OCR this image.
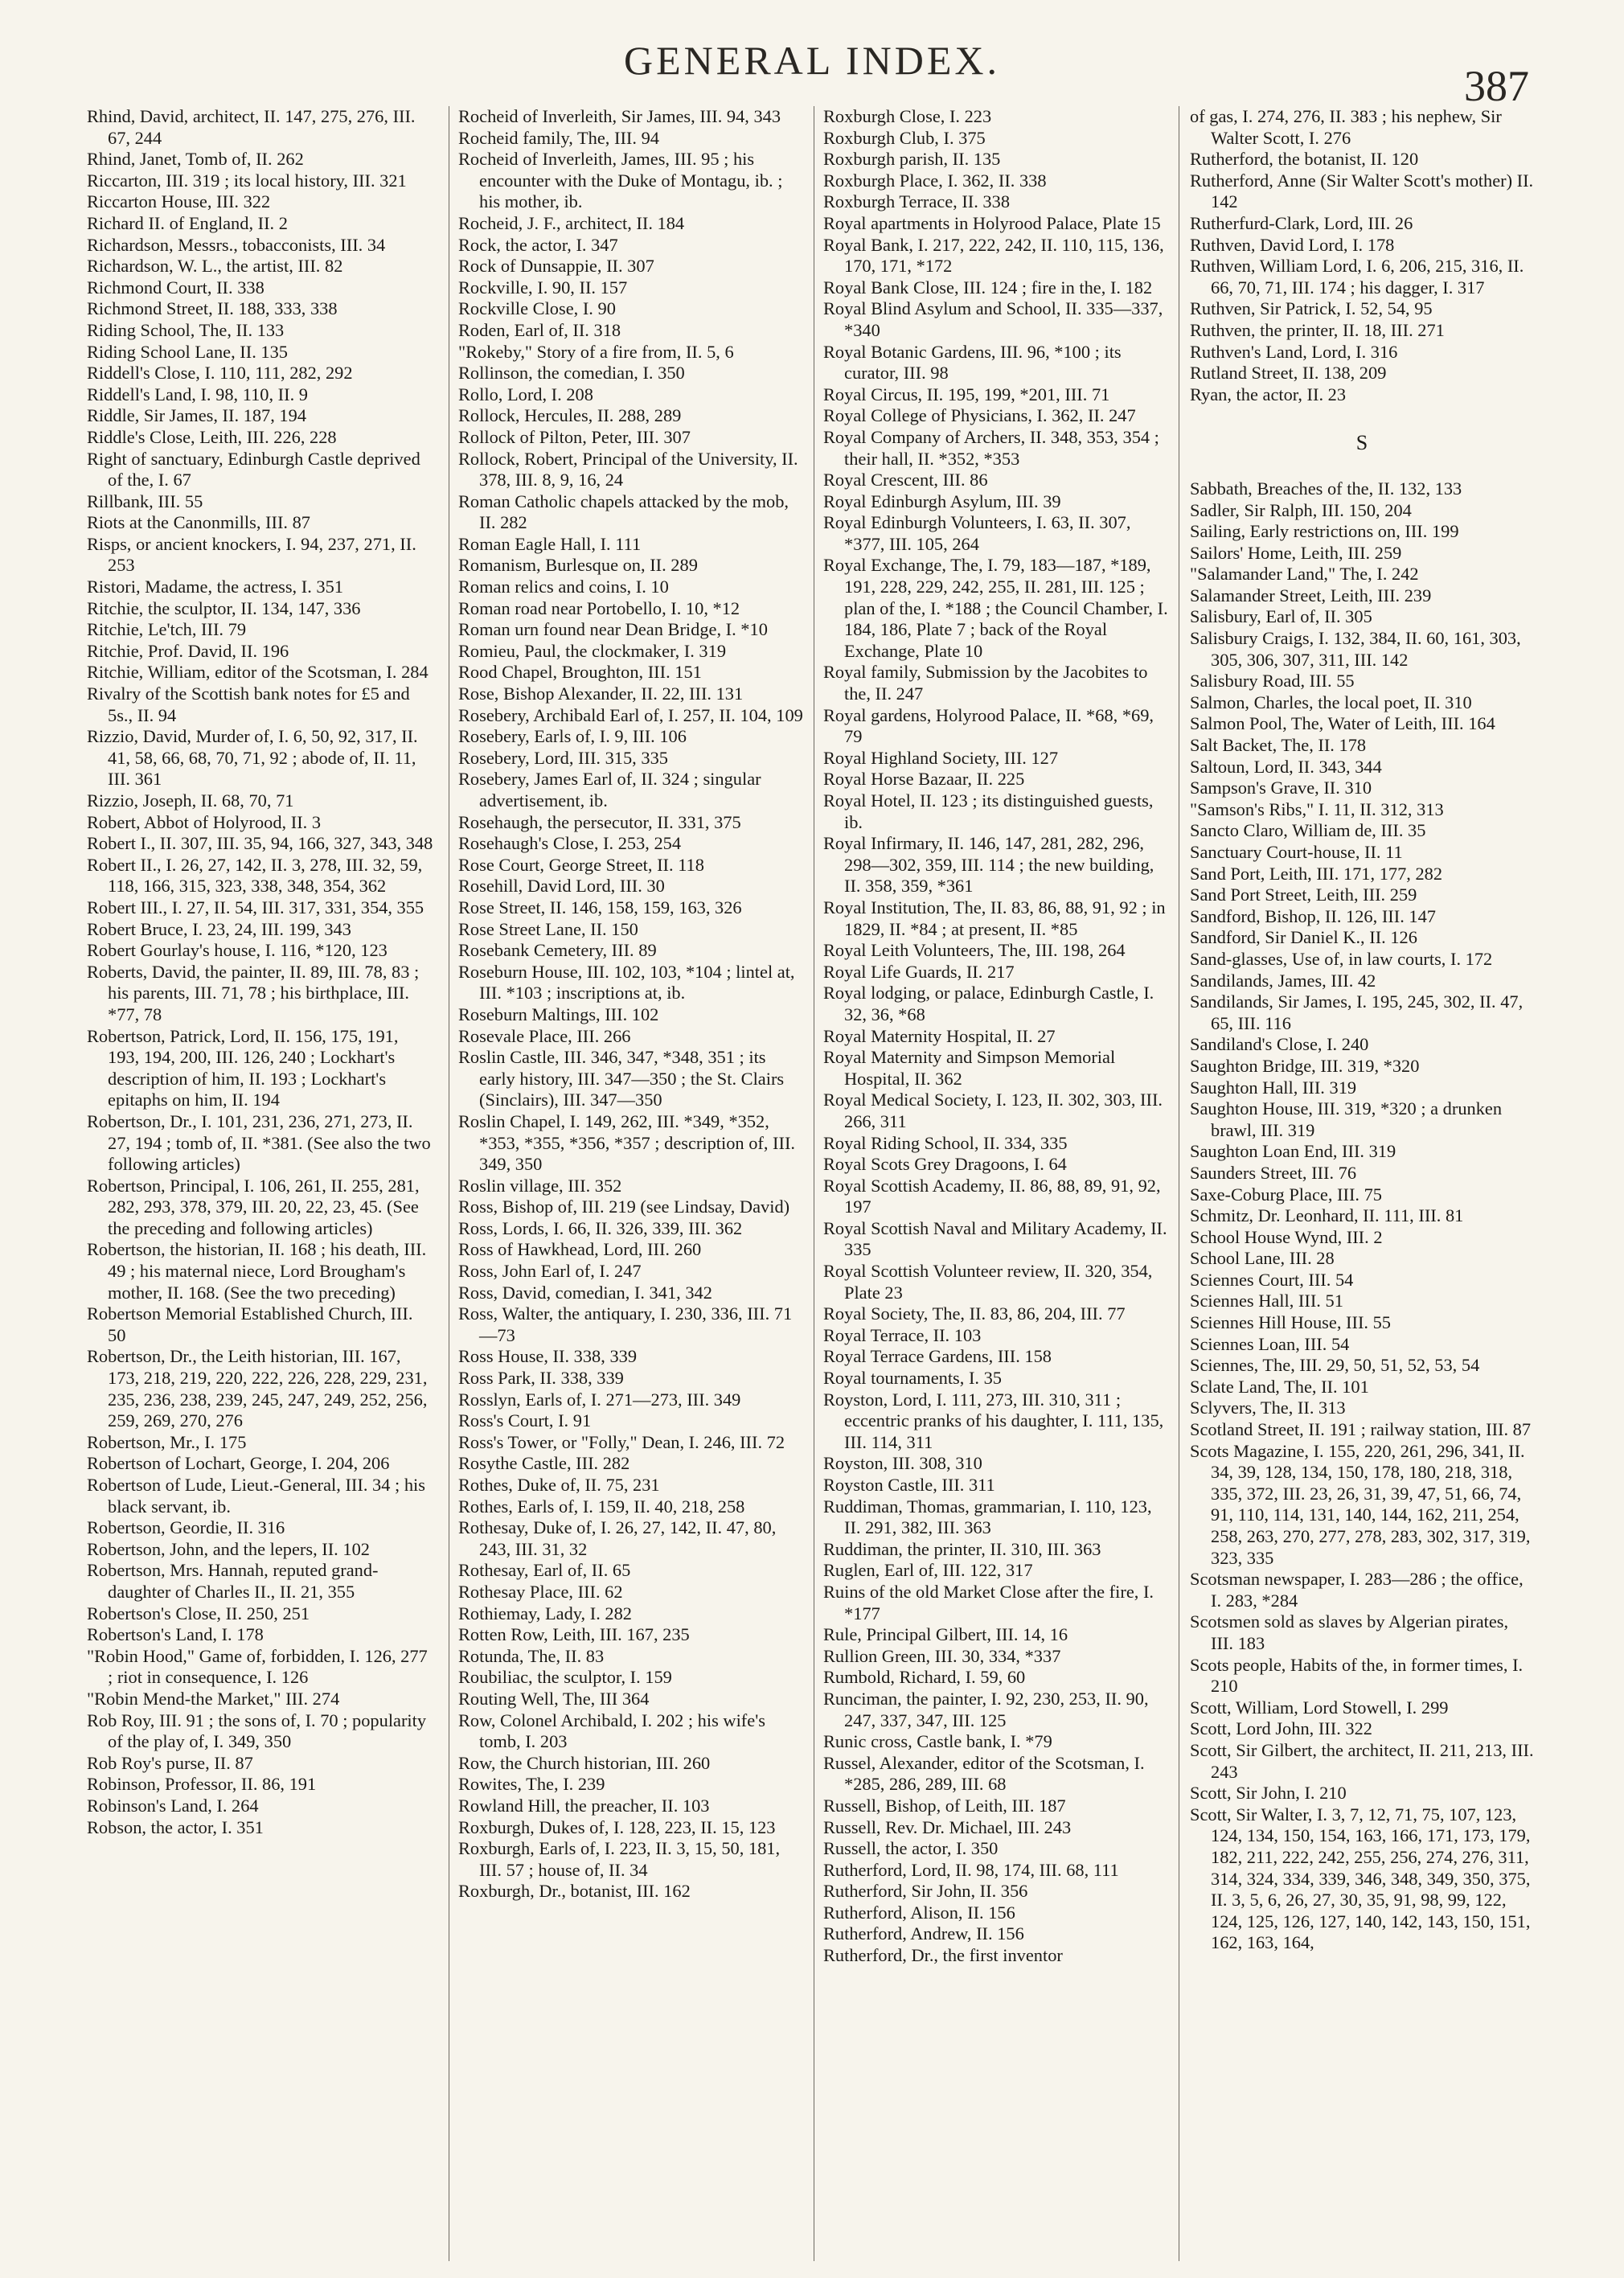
GENERAL INDEX.
387

Rhind, David, architect, II. 147, 275, 276, III. 67, 244

Rhind, Janet, Tomb of, II. 262

Riccarton, III. 319 ; its local history, III. 321

Riccarton House, III. 322

Richard II. of England, II. 2

Richardson, Messrs., tobacconists, III. 34

Richardson, W. L., the artist, III. 82

Richmond Court, II. 338

Richmond Street, II. 188, 333, 338

Riding School, The, II. 133

Riding School Lane, II. 135

Riddell's Close, I. 110, 111, 282, 292

Riddell's Land, I. 98, 110, II. 9

Riddle, Sir James, II. 187, 194

Riddle's Close, Leith, III. 226, 228

Right of sanctuary, Edinburgh Castle deprived of the, I. 67

Rillbank, III. 55

Riots at the Canonmills, III. 87

Risps, or ancient knockers, I. 94, 237, 271, II. 253

Ristori, Madame, the actress, I. 351

Ritchie, the sculptor, II. 134, 147, 336

Ritchie, Le'tch, III. 79

Ritchie, Prof. David, II. 196

Ritchie, William, editor of the Scotsman, I. 284

Rivalry of the Scottish bank notes for £5 and 5s., II. 94

Rizzio, David, Murder of, I. 6, 50, 92, 317, II. 41, 58, 66, 68, 70, 71, 92 ; abode of, II. 11, III. 361

Rizzio, Joseph, II. 68, 70, 71

Robert, Abbot of Holyrood, II. 3

Robert I., II. 307, III. 35, 94, 166, 327, 343, 348

Robert II., I. 26, 27, 142, II. 3, 278, III. 32, 59, 118, 166, 315, 323, 338, 348, 354, 362

Robert III., I. 27, II. 54, III. 317, 331, 354, 355

Robert Bruce, I. 23, 24, III. 199, 343

Robert Gourlay's house, I. 116, *120, 123

Roberts, David, the painter, II. 89, III. 78, 83 ; his parents, III. 71, 78 ; his birthplace, III. *77, 78

Robertson, Patrick, Lord, II. 156, 175, 191, 193, 194, 200, III. 126, 240 ; Lockhart's description of him, II. 193 ; Lockhart's epitaphs on him, II. 194

Robertson, Dr., I. 101, 231, 236, 271, 273, II. 27, 194 ; tomb of, II. *381. (See also the two following articles)

Robertson, Principal, I. 106, 261, II. 255, 281, 282, 293, 378, 379, III. 20, 22, 23, 45. (See the preceding and following articles)

Robertson, the historian, II. 168 ; his death, III. 49 ; his maternal niece, Lord Brougham's mother, II. 168. (See the two preceding)

Robertson Memorial Established Church, III. 50

Robertson, Dr., the Leith historian, III. 167, 173, 218, 219, 220, 222, 226, 228, 229, 231, 235, 236, 238, 239, 245, 247, 249, 252, 256, 259, 269, 270, 276

Robertson, Mr., I. 175

Robertson of Lochart, George, I. 204, 206

Robertson of Lude, Lieut.-General, III. 34 ; his black servant, ib.

Robertson, Geordie, II. 316

Robertson, John, and the lepers, II. 102

Robertson, Mrs. Hannah, reputed grand-daughter of Charles II., II. 21, 355

Robertson's Close, II. 250, 251

Robertson's Land, I. 178

"Robin Hood," Game of, forbidden, I. 126, 277 ; riot in consequence, I. 126

"Robin Mend-the Market," III. 274

Rob Roy, III. 91 ; the sons of, I. 70 ; popularity of the play of, I. 349, 350

Rob Roy's purse, II. 87

Robinson, Professor, II. 86, 191

Robinson's Land, I. 264

Robson, the actor, I. 351

Rocheid of Inverleith, Sir James, III. 94, 343

Rocheid family, The, III. 94

Rocheid of Inverleith, James, III. 95 ; his encounter with the Duke of Montagu, ib. ; his mother, ib.

Rocheid, J. F., architect, II. 184

Rock, the actor, I. 347

Rock of Dunsappie, II. 307

Rockville, I. 90, II. 157

Rockville Close, I. 90

Roden, Earl of, II. 318

"Rokeby," Story of a fire from, II. 5, 6

Rollinson, the comedian, I. 350

Rollo, Lord, I. 208

Rollock, Hercules, II. 288, 289

Rollock of Pilton, Peter, III. 307

Rollock, Robert, Principal of the University, II. 378, III. 8, 9, 16, 24

Roman Catholic chapels attacked by the mob, II. 282

Roman Eagle Hall, I. 111

Romanism, Burlesque on, II. 289

Roman relics and coins, I. 10

Roman road near Portobello, I. 10, *12

Roman urn found near Dean Bridge, I. *10

Romieu, Paul, the clockmaker, I. 319

Rood Chapel, Broughton, III. 151

Rose, Bishop Alexander, II. 22, III. 131

Rosebery, Archibald Earl of, I. 257, II. 104, 109

Rosebery, Earls of, I. 9, III. 106

Rosebery, Lord, III. 315, 335

Rosebery, James Earl of, II. 324 ; singular advertisement, ib.

Rosehaugh, the persecutor, II. 331, 375

Rosehaugh's Close, I. 253, 254

Rose Court, George Street, II. 118

Rosehill, David Lord, III. 30

Rose Street, II. 146, 158, 159, 163, 326

Rose Street Lane, II. 150

Rosebank Cemetery, III. 89

Roseburn House, III. 102, 103, *104 ; lintel at, III. *103 ; inscriptions at, ib.

Roseburn Maltings, III. 102

Rosevale Place, III. 266

Roslin Castle, III. 346, 347, *348, 351 ; its early history, III. 347—350 ; the St. Clairs (Sinclairs), III. 347—350

Roslin Chapel, I. 149, 262, III. *349, *352, *353, *355, *356, *357 ; description of, III. 349, 350

Roslin village, III. 352

Ross, Bishop of, III. 219 (see Lindsay, David)

Ross, Lords, I. 66, II. 326, 339, III. 362

Ross of Hawkhead, Lord, III. 260

Ross, John Earl of, I. 247

Ross, David, comedian, I. 341, 342

Ross, Walter, the antiquary, I. 230, 336, III. 71—73

Ross House, II. 338, 339

Ross Park, II. 338, 339

Rosslyn, Earls of, I. 271—273, III. 349

Ross's Court, I. 91

Ross's Tower, or "Folly," Dean, I. 246, III. 72

Rosythe Castle, III. 282

Rothes, Duke of, II. 75, 231

Rothes, Earls of, I. 159, II. 40, 218, 258

Rothesay, Duke of, I. 26, 27, 142, II. 47, 80, 243, III. 31, 32

Rothesay, Earl of, II. 65

Rothesay Place, III. 62

Rothiemay, Lady, I. 282

Rotten Row, Leith, III. 167, 235

Rotunda, The, II. 83

Roubiliac, the sculptor, I. 159

Routing Well, The, III 364

Row, Colonel Archibald, I. 202 ; his wife's tomb, I. 203

Row, the Church historian, III. 260

Rowites, The, I. 239

Rowland Hill, the preacher, II. 103

Roxburgh, Dukes of, I. 128, 223, II. 15, 123

Roxburgh, Earls of, I. 223, II. 3, 15, 50, 181, III. 57 ; house of, II. 34

Roxburgh, Dr., botanist, III. 162

Roxburgh Close, I. 223

Roxburgh Club, I. 375

Roxburgh parish, II. 135

Roxburgh Place, I. 362, II. 338

Roxburgh Terrace, II. 338

Royal apartments in Holyrood Palace, Plate 15

Royal Bank, I. 217, 222, 242, II. 110, 115, 136, 170, 171, *172

Royal Bank Close, III. 124 ; fire in the, I. 182

Royal Blind Asylum and School, II. 335—337, *340

Royal Botanic Gardens, III. 96, *100 ; its curator, III. 98

Royal Circus, II. 195, 199, *201, III. 71

Royal College of Physicians, I. 362, II. 247

Royal Company of Archers, II. 348, 353, 354 ; their hall, II. *352, *353

Royal Crescent, III. 86

Royal Edinburgh Asylum, III. 39

Royal Edinburgh Volunteers, I. 63, II. 307, *377, III. 105, 264

Royal Exchange, The, I. 79, 183—187, *189, 191, 228, 229, 242, 255, II. 281, III. 125 ; plan of the, I. *188 ; the Council Chamber, I. 184, 186, Plate 7 ; back of the Royal Exchange, Plate 10

Royal family, Submission by the Jacobites to the, II. 247

Royal gardens, Holyrood Palace, II. *68, *69, 79

Royal Highland Society, III. 127

Royal Horse Bazaar, II. 225

Royal Hotel, II. 123 ; its distinguished guests, ib.

Royal Infirmary, II. 146, 147, 281, 282, 296, 298—302, 359, III. 114 ; the new building, II. 358, 359, *361

Royal Institution, The, II. 83, 86, 88, 91, 92 ; in 1829, II. *84 ; at present, II. *85

Royal Leith Volunteers, The, III. 198, 264

Royal Life Guards, II. 217

Royal lodging, or palace, Edinburgh Castle, I. 32, 36, *68

Royal Maternity Hospital, II. 27

Royal Maternity and Simpson Memorial Hospital, II. 362

Royal Medical Society, I. 123, II. 302, 303, III. 266, 311

Royal Riding School, II. 334, 335

Royal Scots Grey Dragoons, I. 64

Royal Scottish Academy, II. 86, 88, 89, 91, 92, 197

Royal Scottish Naval and Military Academy, II. 335

Royal Scottish Volunteer review, II. 320, 354, Plate 23

Royal Society, The, II. 83, 86, 204, III. 77

Royal Terrace, II. 103

Royal Terrace Gardens, III. 158

Royal tournaments, I. 35

Royston, Lord, I. 111, 273, III. 310, 311 ; eccentric pranks of his daughter, I. 111, 135, III. 114, 311

Royston, III. 308, 310

Royston Castle, III. 311

Ruddiman, Thomas, grammarian, I. 110, 123, II. 291, 382, III. 363

Ruddiman, the printer, II. 310, III. 363

Ruglen, Earl of, III. 122, 317

Ruins of the old Market Close after the fire, I. *177

Rule, Principal Gilbert, III. 14, 16

Rullion Green, III. 30, 334, *337

Rumbold, Richard, I. 59, 60

Runciman, the painter, I. 92, 230, 253, II. 90, 247, 337, 347, III. 125

Runic cross, Castle bank, I. *79

Russel, Alexander, editor of the Scotsman, I. *285, 286, 289, III. 68

Russell, Bishop, of Leith, III. 187

Russell, Rev. Dr. Michael, III. 243

Russell, the actor, I. 350

Rutherford, Lord, II. 98, 174, III. 68, 111

Rutherford, Sir John, II. 356

Rutherford, Alison, II. 156

Rutherford, Andrew, II. 156

Rutherford, Dr., the first inventor

of gas, I. 274, 276, II. 383 ; his nephew, Sir Walter Scott, I. 276

Rutherford, the botanist, II. 120

Rutherford, Anne (Sir Walter Scott's mother) II. 142

Rutherfurd-Clark, Lord, III. 26

Ruthven, David Lord, I. 178

Ruthven, William Lord, I. 6, 206, 215, 316, II. 66, 70, 71, III. 174 ; his dagger, I. 317

Ruthven, Sir Patrick, I. 52, 54, 95

Ruthven, the printer, II. 18, III. 271

Ruthven's Land, Lord, I. 316

Rutland Street, II. 138, 209

Ryan, the actor, II. 23

S

Sabbath, Breaches of the, II. 132, 133

Sadler, Sir Ralph, III. 150, 204

Sailing, Early restrictions on, III. 199

Sailors' Home, Leith, III. 259

"Salamander Land," The, I. 242

Salamander Street, Leith, III. 239

Salisbury, Earl of, II. 305

Salisbury Craigs, I. 132, 384, II. 60, 161, 303, 305, 306, 307, 311, III. 142

Salisbury Road, III. 55

Salmon, Charles, the local poet, II. 310

Salmon Pool, The, Water of Leith, III. 164

Salt Backet, The, II. 178

Saltoun, Lord, II. 343, 344

Sampson's Grave, II. 310

"Samson's Ribs," I. 11, II. 312, 313

Sancto Claro, William de, III. 35

Sanctuary Court-house, II. 11

Sand Port, Leith, III. 171, 177, 282

Sand Port Street, Leith, III. 259

Sandford, Bishop, II. 126, III. 147

Sandford, Sir Daniel K., II. 126

Sand-glasses, Use of, in law courts, I. 172

Sandilands, James, III. 42

Sandilands, Sir James, I. 195, 245, 302, II. 47, 65, III. 116

Sandiland's Close, I. 240

Saughton Bridge, III. 319, *320

Saughton Hall, III. 319

Saughton House, III. 319, *320 ; a drunken brawl, III. 319

Saughton Loan End, III. 319

Saunders Street, III. 76

Saxe-Coburg Place, III. 75

Schmitz, Dr. Leonhard, II. 111, III. 81

School House Wynd, III. 2

School Lane, III. 28

Sciennes Court, III. 54

Sciennes Hall, III. 51

Sciennes Hill House, III. 55

Sciennes Loan, III. 54

Sciennes, The, III. 29, 50, 51, 52, 53, 54

Sclate Land, The, II. 101

Sclyvers, The, II. 313

Scotland Street, II. 191 ; railway station, III. 87

Scots Magazine, I. 155, 220, 261, 296, 341, II. 34, 39, 128, 134, 150, 178, 180, 218, 318, 335, 372, III. 23, 26, 31, 39, 47, 51, 66, 74, 91, 110, 114, 131, 140, 144, 162, 211, 254, 258, 263, 270, 277, 278, 283, 302, 317, 319, 323, 335

Scotsman newspaper, I. 283—286 ; the office, I. 283, *284

Scotsmen sold as slaves by Algerian pirates, III. 183

Scots people, Habits of the, in former times, I. 210

Scott, William, Lord Stowell, I. 299

Scott, Lord John, III. 322

Scott, Sir Gilbert, the architect, II. 211, 213, III. 243

Scott, Sir John, I. 210

Scott, Sir Walter, I. 3, 7, 12, 71, 75, 107, 123, 124, 134, 150, 154, 163, 166, 171, 173, 179, 182, 211, 222, 242, 255, 256, 274, 276, 311, 314, 324, 334, 339, 346, 348, 349, 350, 375, II. 3, 5, 6, 26, 27, 30, 35, 91, 98, 99, 122, 124, 125, 126, 127, 140, 142, 143, 150, 151, 162, 163, 164,
